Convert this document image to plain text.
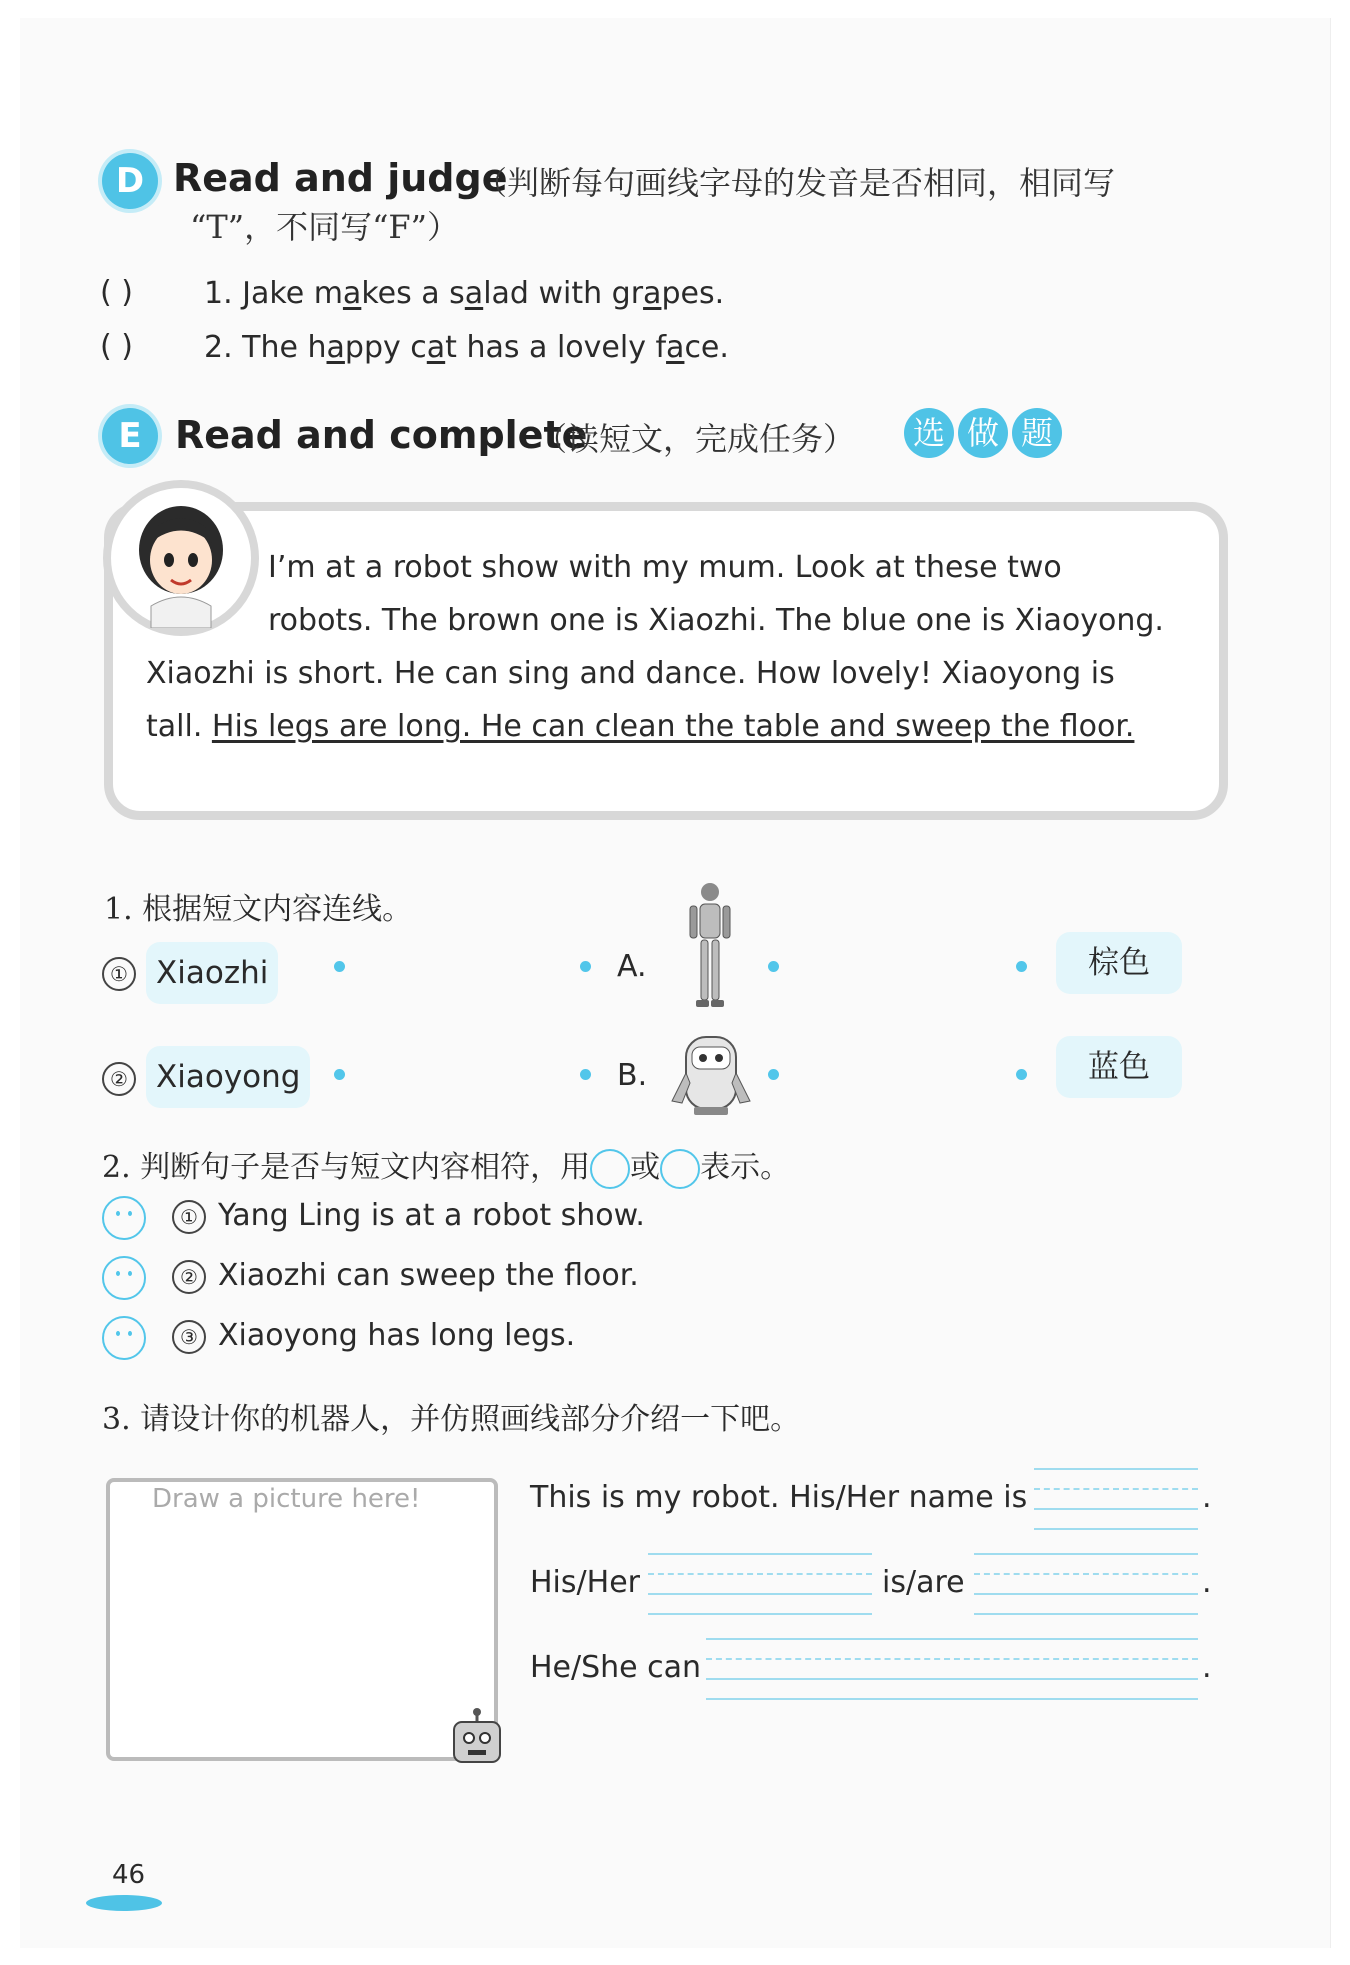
D Read and judge
（判断每句画线字母的发音是否相同，相同写
“T”，不同写“F”）
( ) 1. Jake makes a salad with grapes.
( ) 2. The happy cat has a lovely face.
E Read and complete
（读短文，完成任务）	选 做 题
I’m at a robot show with my mum. Look at these two
robots. The brown one is Xiaozhi. The blue one is Xiaoyong.
Xiaozhi is short. He can sing and dance. How lovely! Xiaoyong is
tall. His legs are long. He can clean the table and sweep the floor.
1. 根据短文内容连线。
① Xiaozhi	A.	棕色
② Xiaoyong	B.	蓝色
2. 判断句子是否与短文内容相符，用 或 表示。
① Yang Ling is at a robot show.
② Xiaozhi can sweep the floor.
③ Xiaoyong has long legs.
3. 请设计你的机器人，并仿照画线部分介绍一下吧。
Draw a picture here!	This is my robot. His/Her name is	.
His/Her	is/are	.
He/She can	.
46
